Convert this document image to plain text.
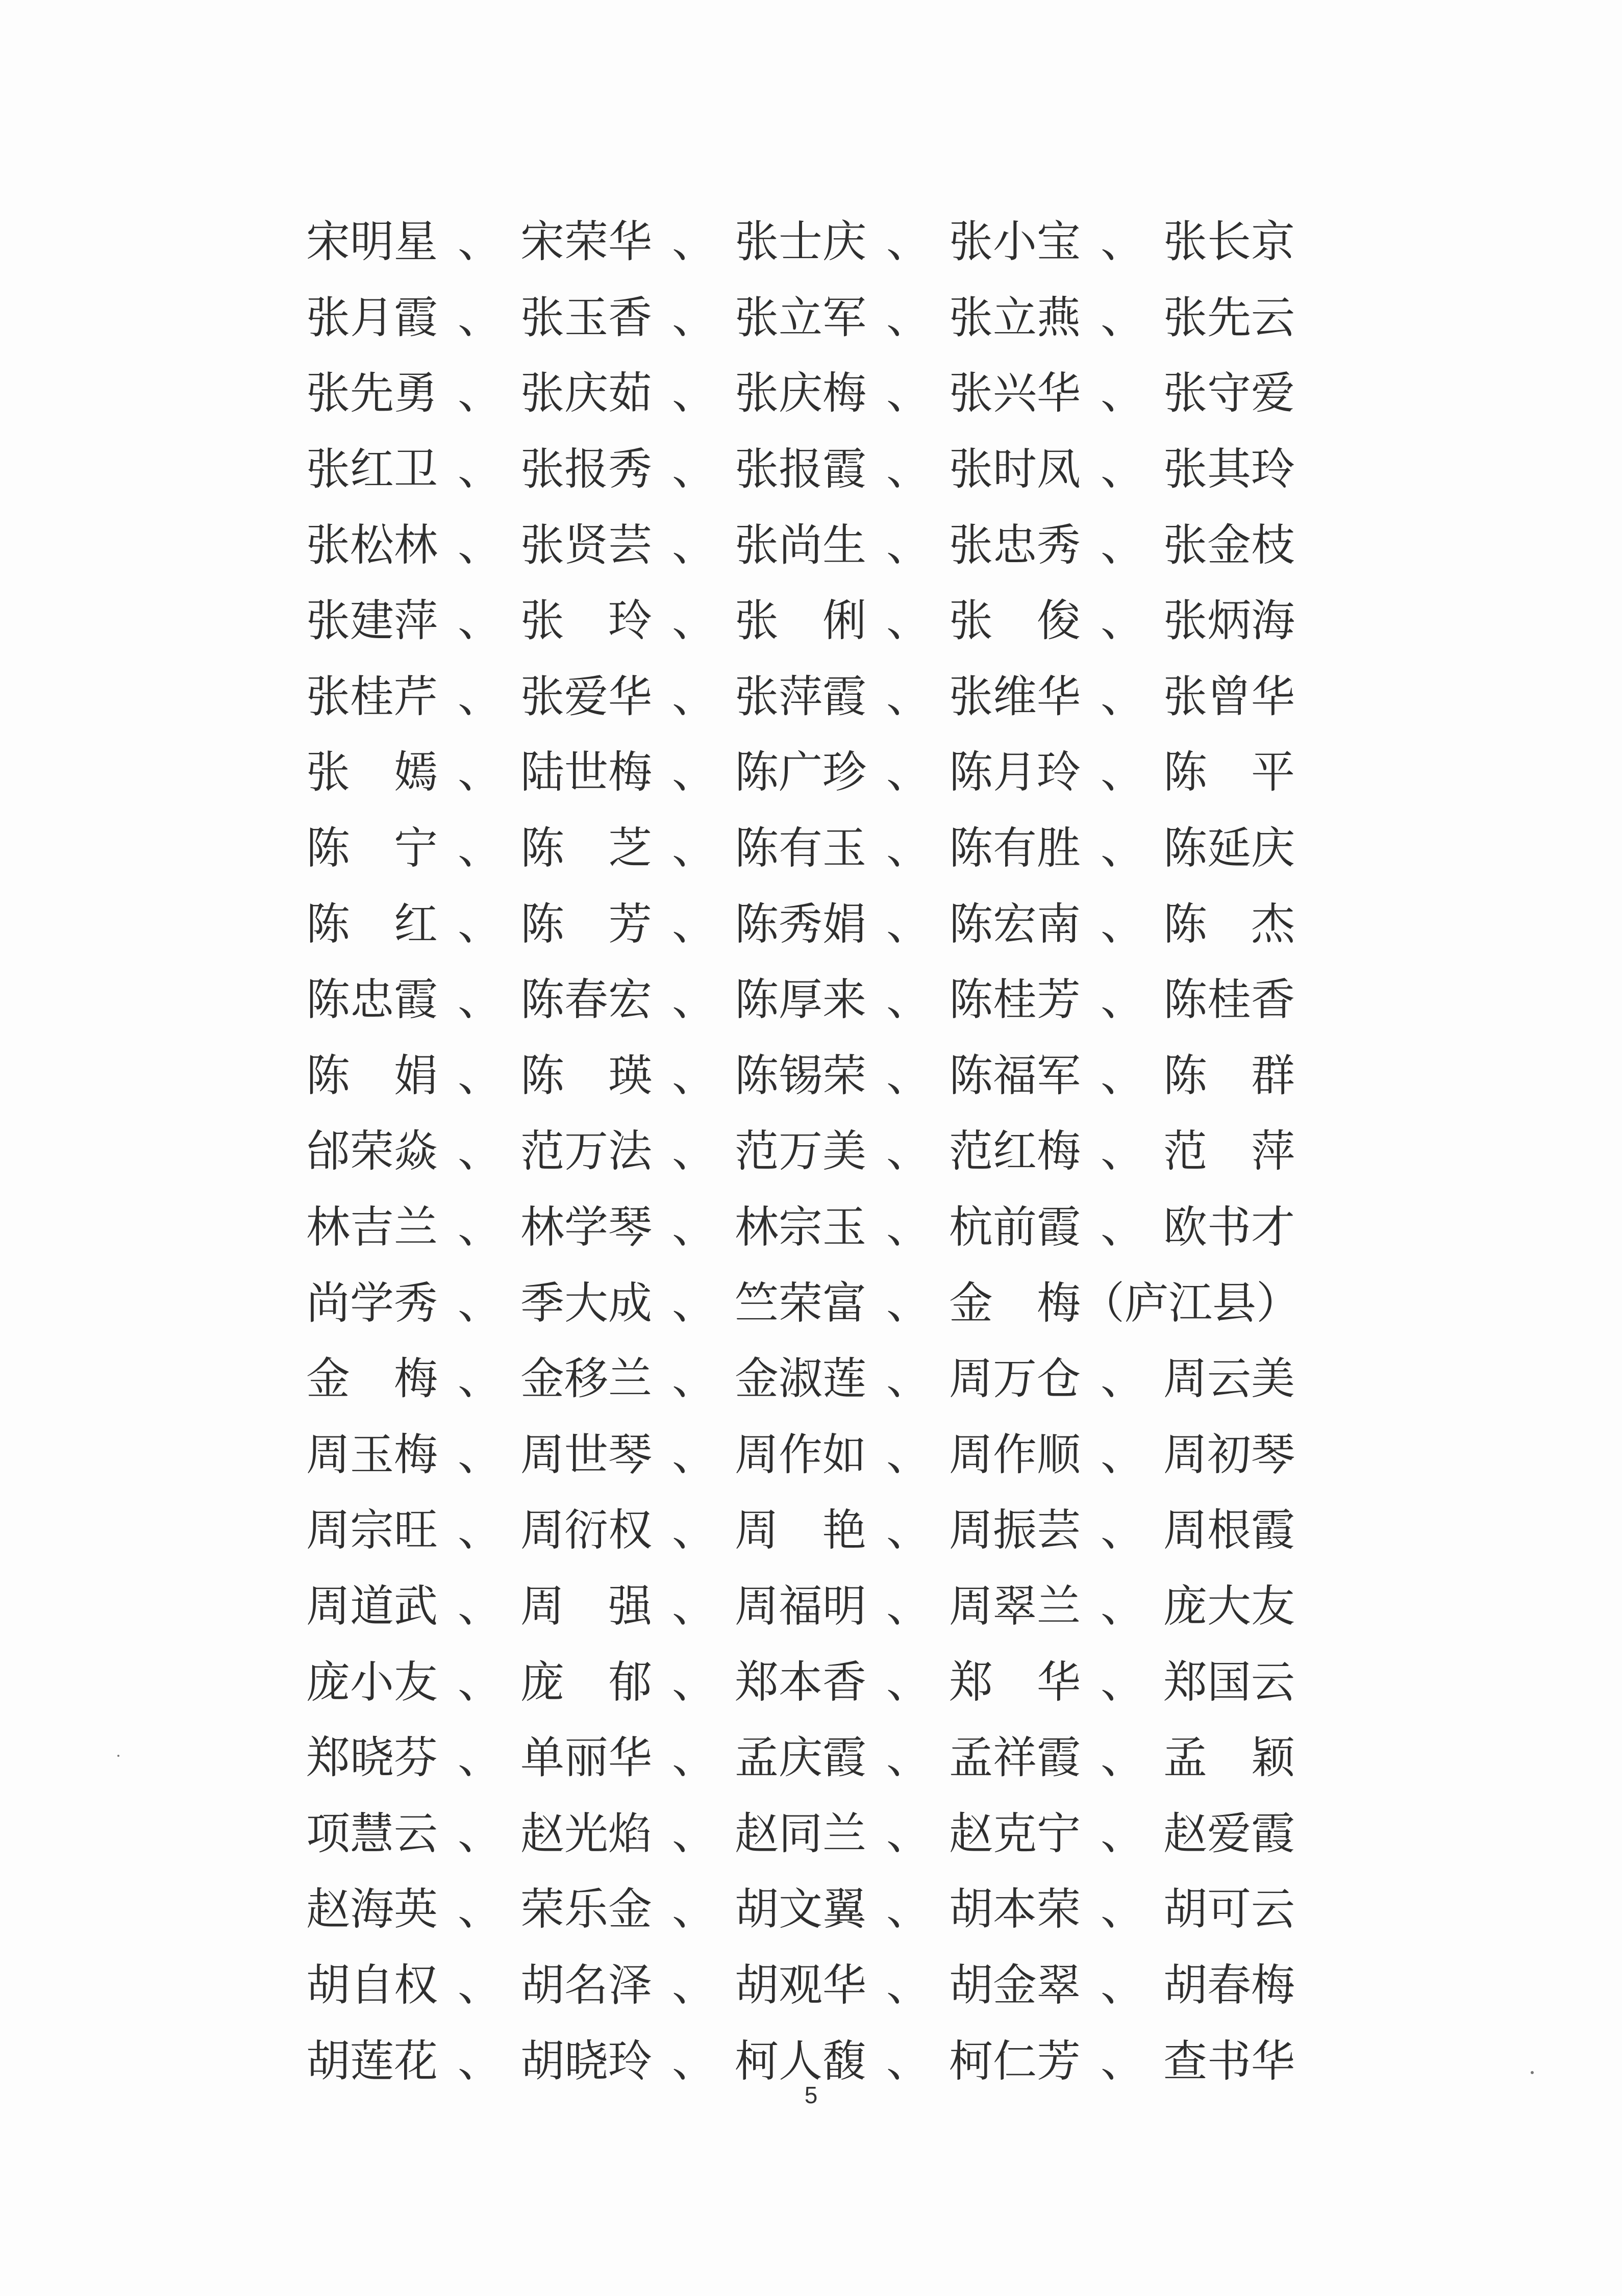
宋明星 、 宋荣华 、 张士庆 、 张小宝 、 张长京
张月霞 、 张玉香 、 张立军 、 张立燕 、 张先云
张先勇 、 张庆茹 、 张庆梅 、 张兴华 、 张守爱
张红卫 、 张报秀 、 张报霞 、 张时凤 、 张其玲
张松林 、 张贤芸 、 张尚生 、 张忠秀 、 张金枝
张建萍 、 张　玲 、 张　俐 、 张　俊 、 张炳海
张桂芹 、 张爱华 、 张萍霞 、 张维华 、 张曾华
张　嫣 、 陆世梅 、 陈广珍 、 陈月玲 、 陈　平
陈　宁 、 陈　芝 、 陈有玉 、 陈有胜 、 陈延庆
陈　红 、 陈　芳 、 陈秀娟 、 陈宏南 、 陈　杰
陈忠霞 、 陈春宏 、 陈厚来 、 陈桂芳 、 陈桂香
陈　娟 、 陈　瑛 、 陈锡荣 、 陈福军 、 陈　群
邰荣焱 、 范万法 、 范万美 、 范红梅 、 范　萍
林吉兰 、 林学琴 、 林宗玉 、 杭前霞 、 欧书才
尚学秀 、 季大成 、 竺荣富 、 金　梅（庐江县）
金　梅 、 金移兰 、 金淑莲 、 周万仓 、 周云美
周玉梅 、 周世琴 、 周作如 、 周作顺 、 周初琴
周宗旺 、 周衍权 、 周　艳 、 周振芸 、 周根霞
周道武 、 周　强 、 周福明 、 周翠兰 、 庞大友
庞小友 、 庞　郁 、 郑本香 、 郑　华 、 郑国云
郑晓芬 、 单丽华 、 孟庆霞 、 孟祥霞 、 孟　颖
项慧云 、 赵光焰 、 赵同兰 、 赵克宁 、 赵爱霞
赵海英 、 荣乐金 、 胡文翼 、 胡本荣 、 胡可云
胡自权 、 胡名泽 、 胡观华 、 胡金翠 、 胡春梅
胡莲花 、 胡晓玲 、 柯人馥 、 柯仁芳 、 查书华
5
